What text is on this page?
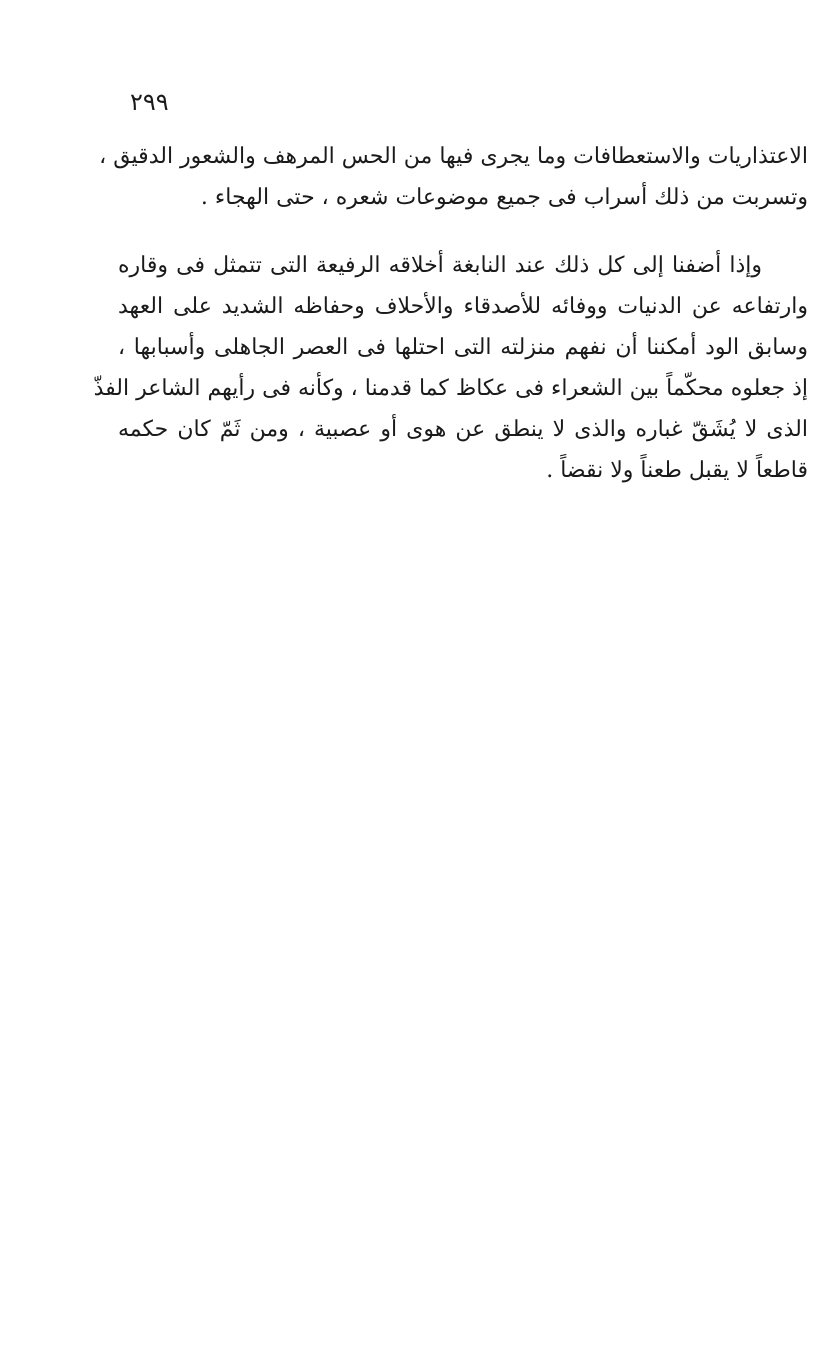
٢٩٩
الاعتذاريات والاستعطافات وما يجرى فيها من الحس المرهف والشعور الدقيق ،
وتسربت من ذلك أسراب فى جميع موضوعات شعره ، حتى الهجاء .
وإذا أضفنا إلى كل ذلك عند النابغة أخلاقه الرفيعة التى تتمثل فى وقاره
وارتفاعه عن الدنيات ووفائه للأصدقاء والأحلاف وحفاظه الشديد على العهد
وسابق الود أمكننا أن نفهم منزلته التى احتلها فى العصر الجاهلى وأسبابها ،
إذ جعلوه محكّماً بين الشعراء فى عكاظ كما قدمنا ، وكأنه فى رأيهم الشاعر الفذّ
الذى لا يُشَقّ غباره والذى لا ينطق عن هوى أو عصبية ، ومن ثَمّ كان حكمه
قاطعاً لا يقبل طعناً ولا نقضاً .
